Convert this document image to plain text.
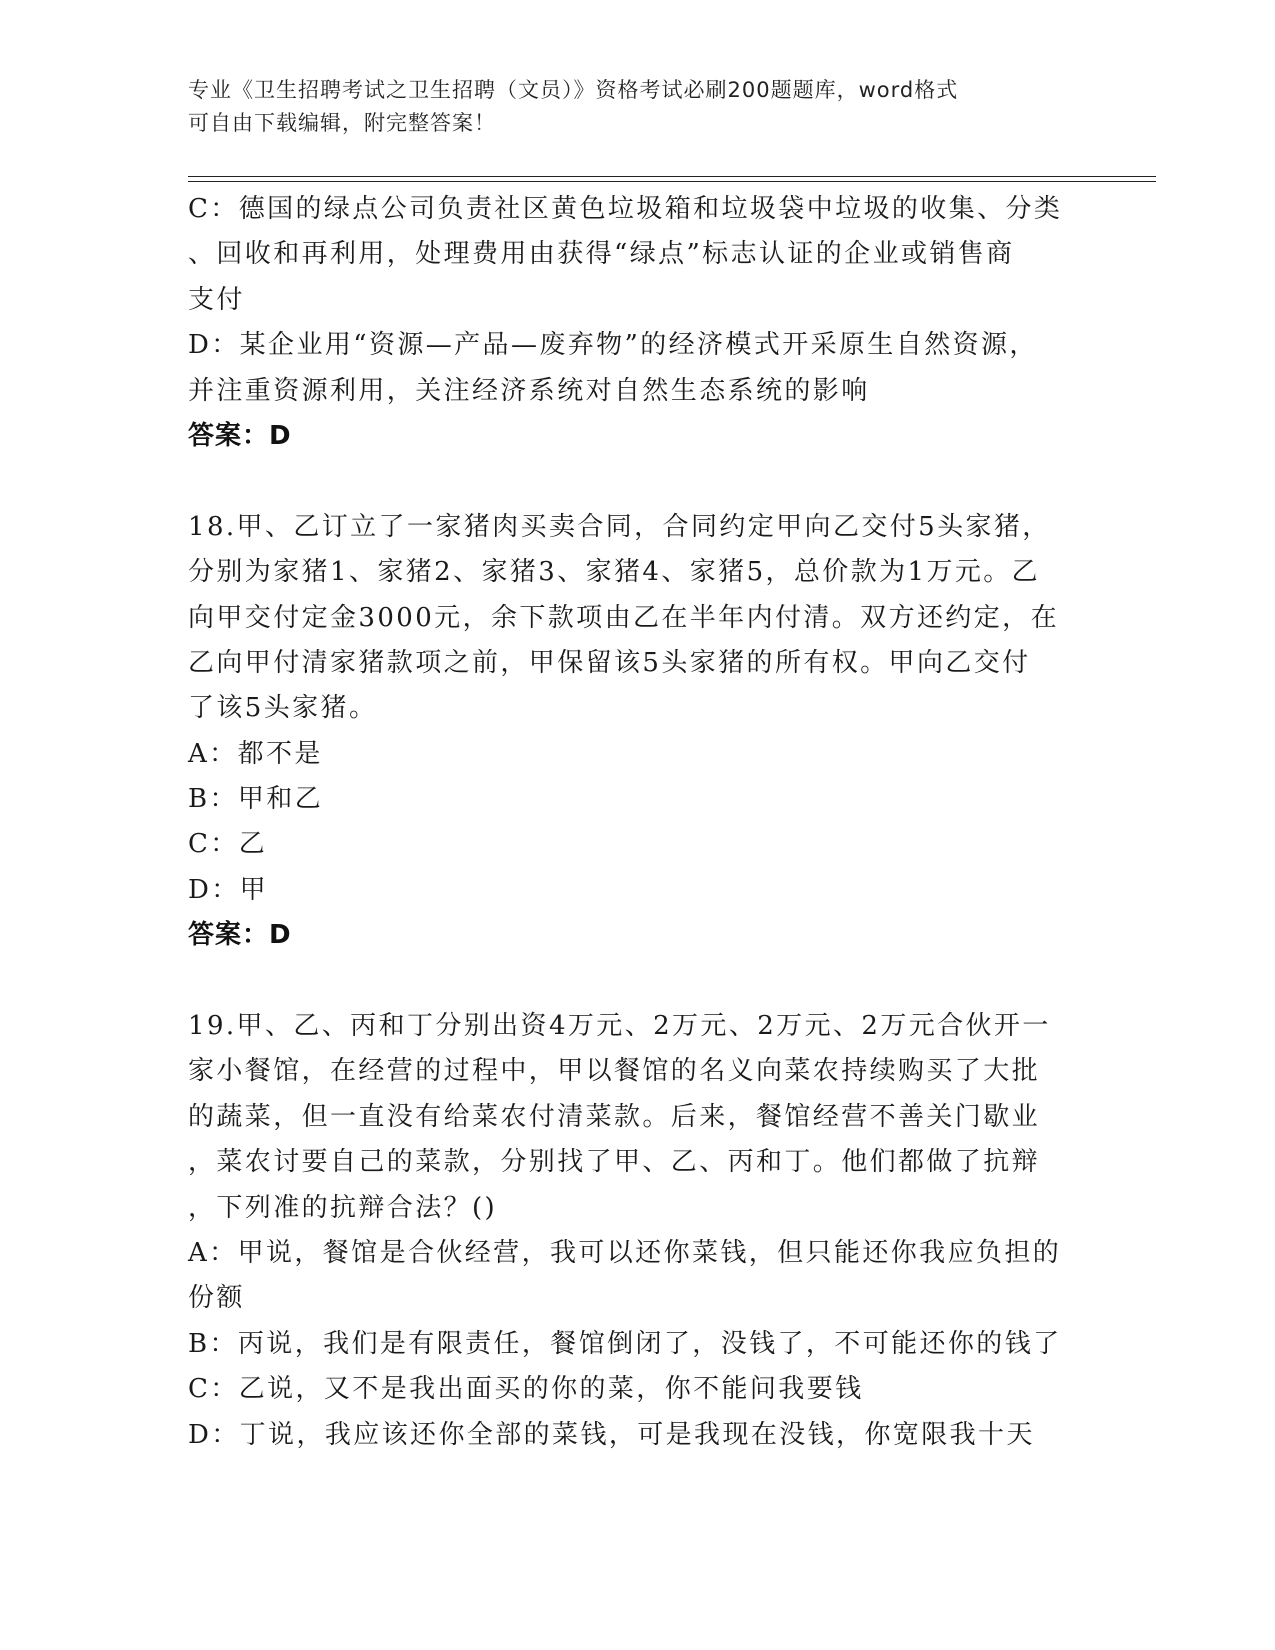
专业《卫生招聘考试之卫生招聘（文员）》资格考试必刷200题题库，word格式
可自由下载编辑，附完整答案！
C：德国的绿点公司负责社区黄色垃圾箱和垃圾袋中垃圾的收集、分类
、回收和再利用，处理费用由获得“绿点”标志认证的企业或销售商
支付
D：某企业用“资源—产品—废弃物”的经济模式开采原生自然资源，
并注重资源利用，关注经济系统对自然生态系统的影响
答案：D
18.甲、乙订立了一家猪肉买卖合同，合同约定甲向乙交付5头家猪，
分别为家猪1、家猪2、家猪3、家猪4、家猪5，总价款为1万元。乙
向甲交付定金3000元，余下款项由乙在半年内付清。双方还约定，在
乙向甲付清家猪款项之前，甲保留该5头家猪的所有权。甲向乙交付
了该5头家猪。
A：都不是
B：甲和乙
C：乙
D：甲
答案：D
19.甲、乙、丙和丁分别出资4万元、2万元、2万元、2万元合伙开一
家小餐馆，在经营的过程中，甲以餐馆的名义向菜农持续购买了大批
的蔬菜，但一直没有给菜农付清菜款。后来，餐馆经营不善关门歇业
，菜农讨要自己的菜款，分别找了甲、乙、丙和丁。他们都做了抗辩
，下列准的抗辩合法？()
A：甲说，餐馆是合伙经营，我可以还你菜钱，但只能还你我应负担的
份额
B：丙说，我们是有限责任，餐馆倒闭了，没钱了，不可能还你的钱了
C：乙说，又不是我出面买的你的菜，你不能问我要钱
D：丁说，我应该还你全部的菜钱，可是我现在没钱，你宽限我十天
